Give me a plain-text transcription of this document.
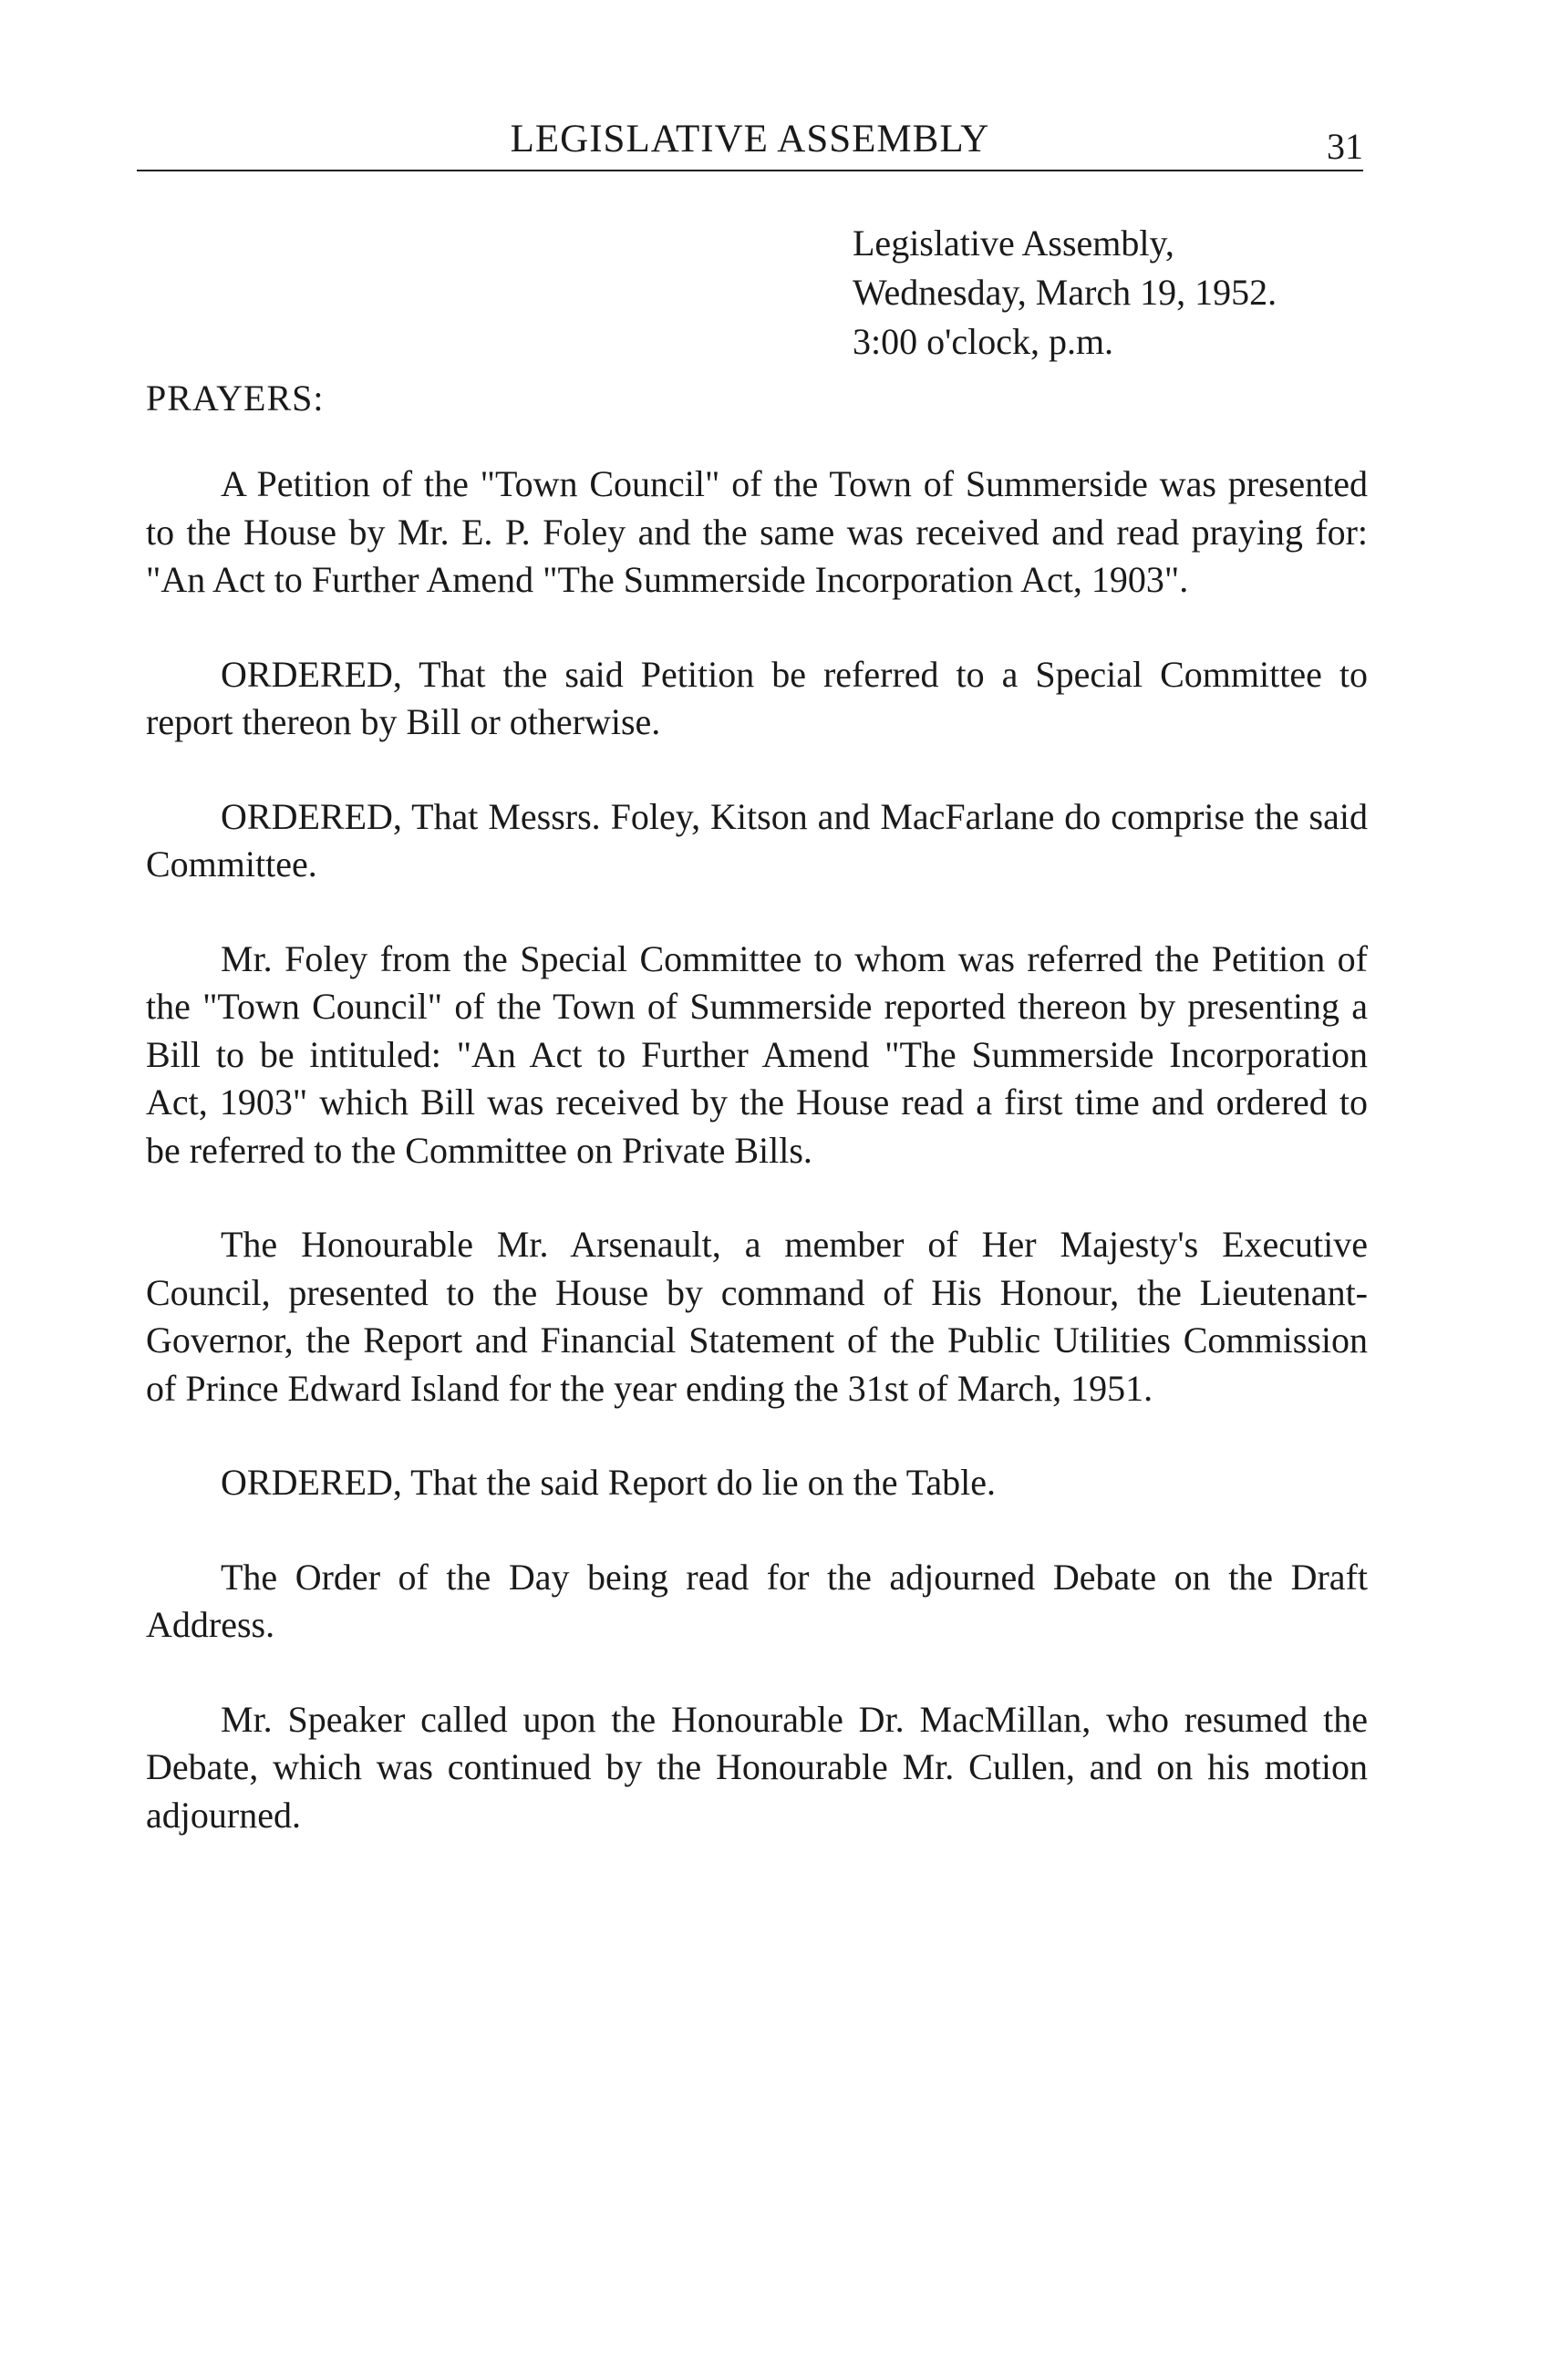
LEGISLATIVE ASSEMBLY	31
Legislative Assembly,
Wednesday, March 19, 1952.
3:00 o'clock, p.m.
PRAYERS:

A Petition of the "Town Council" of the Town of Summerside was presented to the House by Mr. E. P. Foley and the same was received and read praying for: "An Act to Further Amend "The Summerside Incorporation Act, 1903".

ORDERED, That the said Petition be referred to a Special Committee to report thereon by Bill or otherwise.

ORDERED, That Messrs. Foley, Kitson and MacFarlane do comprise the said Committee.

Mr. Foley from the Special Committee to whom was referred the Petition of the "Town Council" of the Town of Summerside reported thereon by presenting a Bill to be intituled: "An Act to Further Amend "The Summerside Incorporation Act, 1903" which Bill was received by the House read a first time and ordered to be referred to the Committee on Private Bills.

The Honourable Mr. Arsenault, a member of Her Majesty's Executive Council, presented to the House by command of His Honour, the Lieutenant-Governor, the Report and Financial Statement of the Public Utilities Commission of Prince Edward Island for the year ending the 31st of March, 1951.

ORDERED, That the said Report do lie on the Table.

The Order of the Day being read for the adjourned Debate on the Draft Address.

Mr. Speaker called upon the Honourable Dr. MacMillan, who resumed the Debate, which was continued by the Honourable Mr. Cullen, and on his motion adjourned.
